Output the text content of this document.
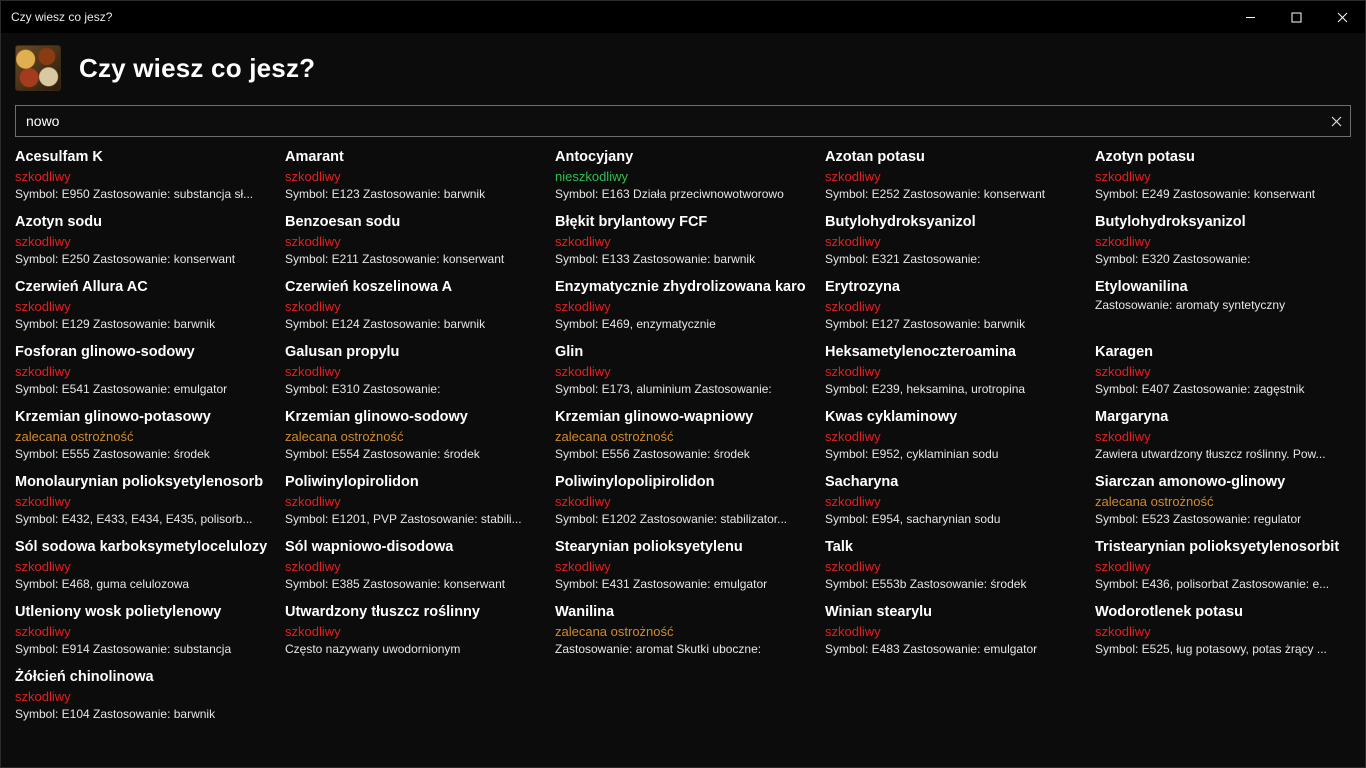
Czy wiesz co jesz?
Czy wiesz co jesz?
nowo
Acesulfam K
szkodliwy
Symbol: E950 Zastosowanie: substancja sł...
Amarant
szkodliwy
Symbol: E123 Zastosowanie: barwnik
Antocyjany
nieszkodliwy
Symbol: E163 Działa przeciwnowotworowo
Azotan potasu
szkodliwy
Symbol: E252 Zastosowanie: konserwant
Azotyn potasu
szkodliwy
Symbol: E249 Zastosowanie: konserwant
Azotyn sodu
szkodliwy
Symbol: E250 Zastosowanie: konserwant
Benzoesan sodu
szkodliwy
Symbol: E211 Zastosowanie: konserwant
Błękit brylantowy FCF
szkodliwy
Symbol: E133 Zastosowanie: barwnik
Butylohydroksyanizol
szkodliwy
Symbol: E321 Zastosowanie:
Butylohydroksyanizol
szkodliwy
Symbol: E320 Zastosowanie:
Czerwień Allura AC
szkodliwy
Symbol: E129 Zastosowanie: barwnik
Czerwień koszelinowa A
szkodliwy
Symbol: E124 Zastosowanie: barwnik
Enzymatycznie zhydrolizowana karo
szkodliwy
Symbol: E469, enzymatycznie
Erytrozyna
szkodliwy
Symbol: E127 Zastosowanie: barwnik
Etylowanilina
Zastosowanie: aromaty syntetyczny
Fosforan glinowo-sodowy
szkodliwy
Symbol: E541 Zastosowanie: emulgator
Galusan propylu
szkodliwy
Symbol: E310 Zastosowanie:
Glin
szkodliwy
Symbol: E173, aluminium Zastosowanie:
Heksametylenoczteroamina
szkodliwy
Symbol: E239, heksamina, urotropina
Karagen
szkodliwy
Symbol: E407 Zastosowanie: zagęstnik
Krzemian glinowo-potasowy
zalecana ostrożność
Symbol: E555 Zastosowanie: środek
Krzemian glinowo-sodowy
zalecana ostrożność
Symbol: E554 Zastosowanie: środek
Krzemian glinowo-wapniowy
zalecana ostrożność
Symbol: E556 Zastosowanie: środek
Kwas cyklaminowy
szkodliwy
Symbol: E952, cyklaminian sodu
Margaryna
szkodliwy
Zawiera utwardzony tłuszcz roślinny. Pow...
Monolaurynian polioksyetylenosorb
szkodliwy
Symbol: E432, E433, E434, E435, polisorb...
Poliwinylopirolidon
szkodliwy
Symbol: E1201, PVP Zastosowanie: stabili...
Poliwinylopolipirolidon
szkodliwy
Symbol: E1202 Zastosowanie: stabilizator...
Sacharyna
szkodliwy
Symbol: E954, sacharynian sodu
Siarczan amonowo-glinowy
zalecana ostrożność
Symbol: E523 Zastosowanie: regulator
Sól sodowa karboksymetylocelulozy
szkodliwy
Symbol: E468, guma celulozowa
Sól wapniowo-disodowa
szkodliwy
Symbol: E385 Zastosowanie: konserwant
Stearynian polioksyetylenu
szkodliwy
Symbol: E431 Zastosowanie: emulgator
Talk
szkodliwy
Symbol: E553b Zastosowanie: środek
Tristearynian polioksyetylenosorbit
szkodliwy
Symbol: E436, polisorbat Zastosowanie: e...
Utleniony wosk polietylenowy
szkodliwy
Symbol: E914 Zastosowanie: substancja
Utwardzony tłuszcz roślinny
szkodliwy
Często nazywany uwodornionym
Wanilina
zalecana ostrożność
Zastosowanie: aromat Skutki uboczne:
Winian stearylu
szkodliwy
Symbol: E483 Zastosowanie: emulgator
Wodorotlenek potasu
szkodliwy
Symbol: E525, ług potasowy, potas żrący ...
Żółcień chinolinowa
szkodliwy
Symbol: E104 Zastosowanie: barwnik
